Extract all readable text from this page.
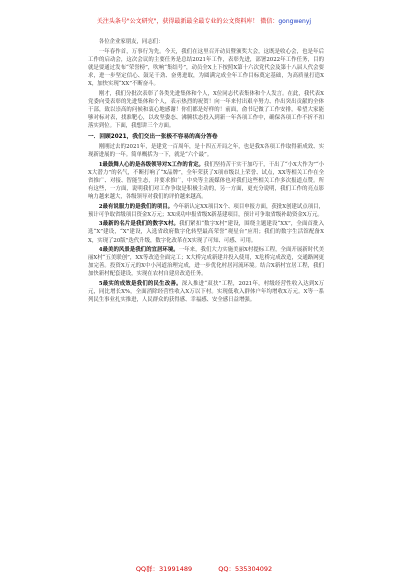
关注头条号"公文研究"，获得最新最全最专业的公文资料库！ 微信：gongwenyj

各位企业家朋友，同志们：

一年春作首，万事行为先。今天，我们在这里召开动员暨颁奖大会，这既是收心会，也是年后工作的启动会，这次会议的主要任务是总结2021年工作，表彰先进，部署2022年工作任务，目的就是要通过发布“荣誉榜”，吹响“集结号”，动员全X上下按照X第十六次党代会及第十八届人代会要求，进一步坚定信心、鼓足干劲、奋勇进取，为圆满完成全年工作目标奠定基础，为高质量打造XX，加快实现“XX”不断奋斗。

刚才，我们分批次表彰了各类先进集体和个人，X位同志代表集体和个人发言。在此，我代表X党委向受表彰的先进集体和个人，表示热烈的祝贺！向一年来付出艰辛努力、作出突出贡献的全体干部，致以崇高的问候和衷心地感谢！你们都是好样的！前面，俞书记做了工作安排，希望大家能够对标对表，找准靶心，以攻坚姿态、沸腾状态投入到新一年各项工作中，确保各项工作不折不扣落实到位。下面，我想讲三个方面。

一．回顾2021，我们交出一张极不容易的高分答卷

刚刚过去的2021年，是建党一百周年，是十四五开局之年，也是我X各项工作取得新成效、实现新进展的一年。简单概括为一下，就是“六个最”。

1最鼓舞人心的是各级领导对X工作的肯定。我们坚持苦干实干加巧干，干出了“小X大作为”“小X大潜力”的名气，不断打响了“X品牌”，全年荣获了X项市级以上荣誉、试点，XX等相关工作在全省推广、对接、智能生态，并要求推广，中央等主流媒体也对我们这些相关工作多次报道点赞。所有这些，一方面，说明我们对工作争取是积极主动的，另一方面，更充分说明，我们工作的亮点影响力越来越大，各级领导对我们的评价越来越高。

2最有说服力的是我们的项目。今年新认定XX项目X个、项目申报方面，获批X创建试点项目，预计可争取省级项目资金X万元；XX成功申报省级X新基建项目，预计可争取省级补助资金X万元。

3最新的名片是我们的数字X村。我们紧扣“数字X村”建设，围绕主题建设“XX”，全面首批入选“X”建设，“X”建设，入选省政府数字化转型最高荣誉“观星台”应用；我们的数字生活馆配备XX，实现了20版”迭代升级，数字化改革在X实现了可知、可感、可用。

4最美的风景是我们的宜居环境。一年来，我们大力实施美丽X村提标工程，全面开展新时代美丽X村“五美联创”，XX等改造全面完工；X大桥完成新建并投入使用，X危桥完成改造，交通路网更加完善。投资X万元的X中小河道治理完成，进一步优化村居河流环境。结合X新村宜居工程，我们加快新村配套建设，实现在农村自建房改造任务。

5最实的成效是我们的民生改善。深入推进“双扶”工程，2021年，村级经营性收入达到X万元，同比增长X%，全面消除经营性收入X万以下村。实现低收入群体户年均增收X万元。X等一系列民生事业扎实推进，人民群众的获得感、幸福感、安全感日益增强。

QQ群：31991489	QQ：535304092
